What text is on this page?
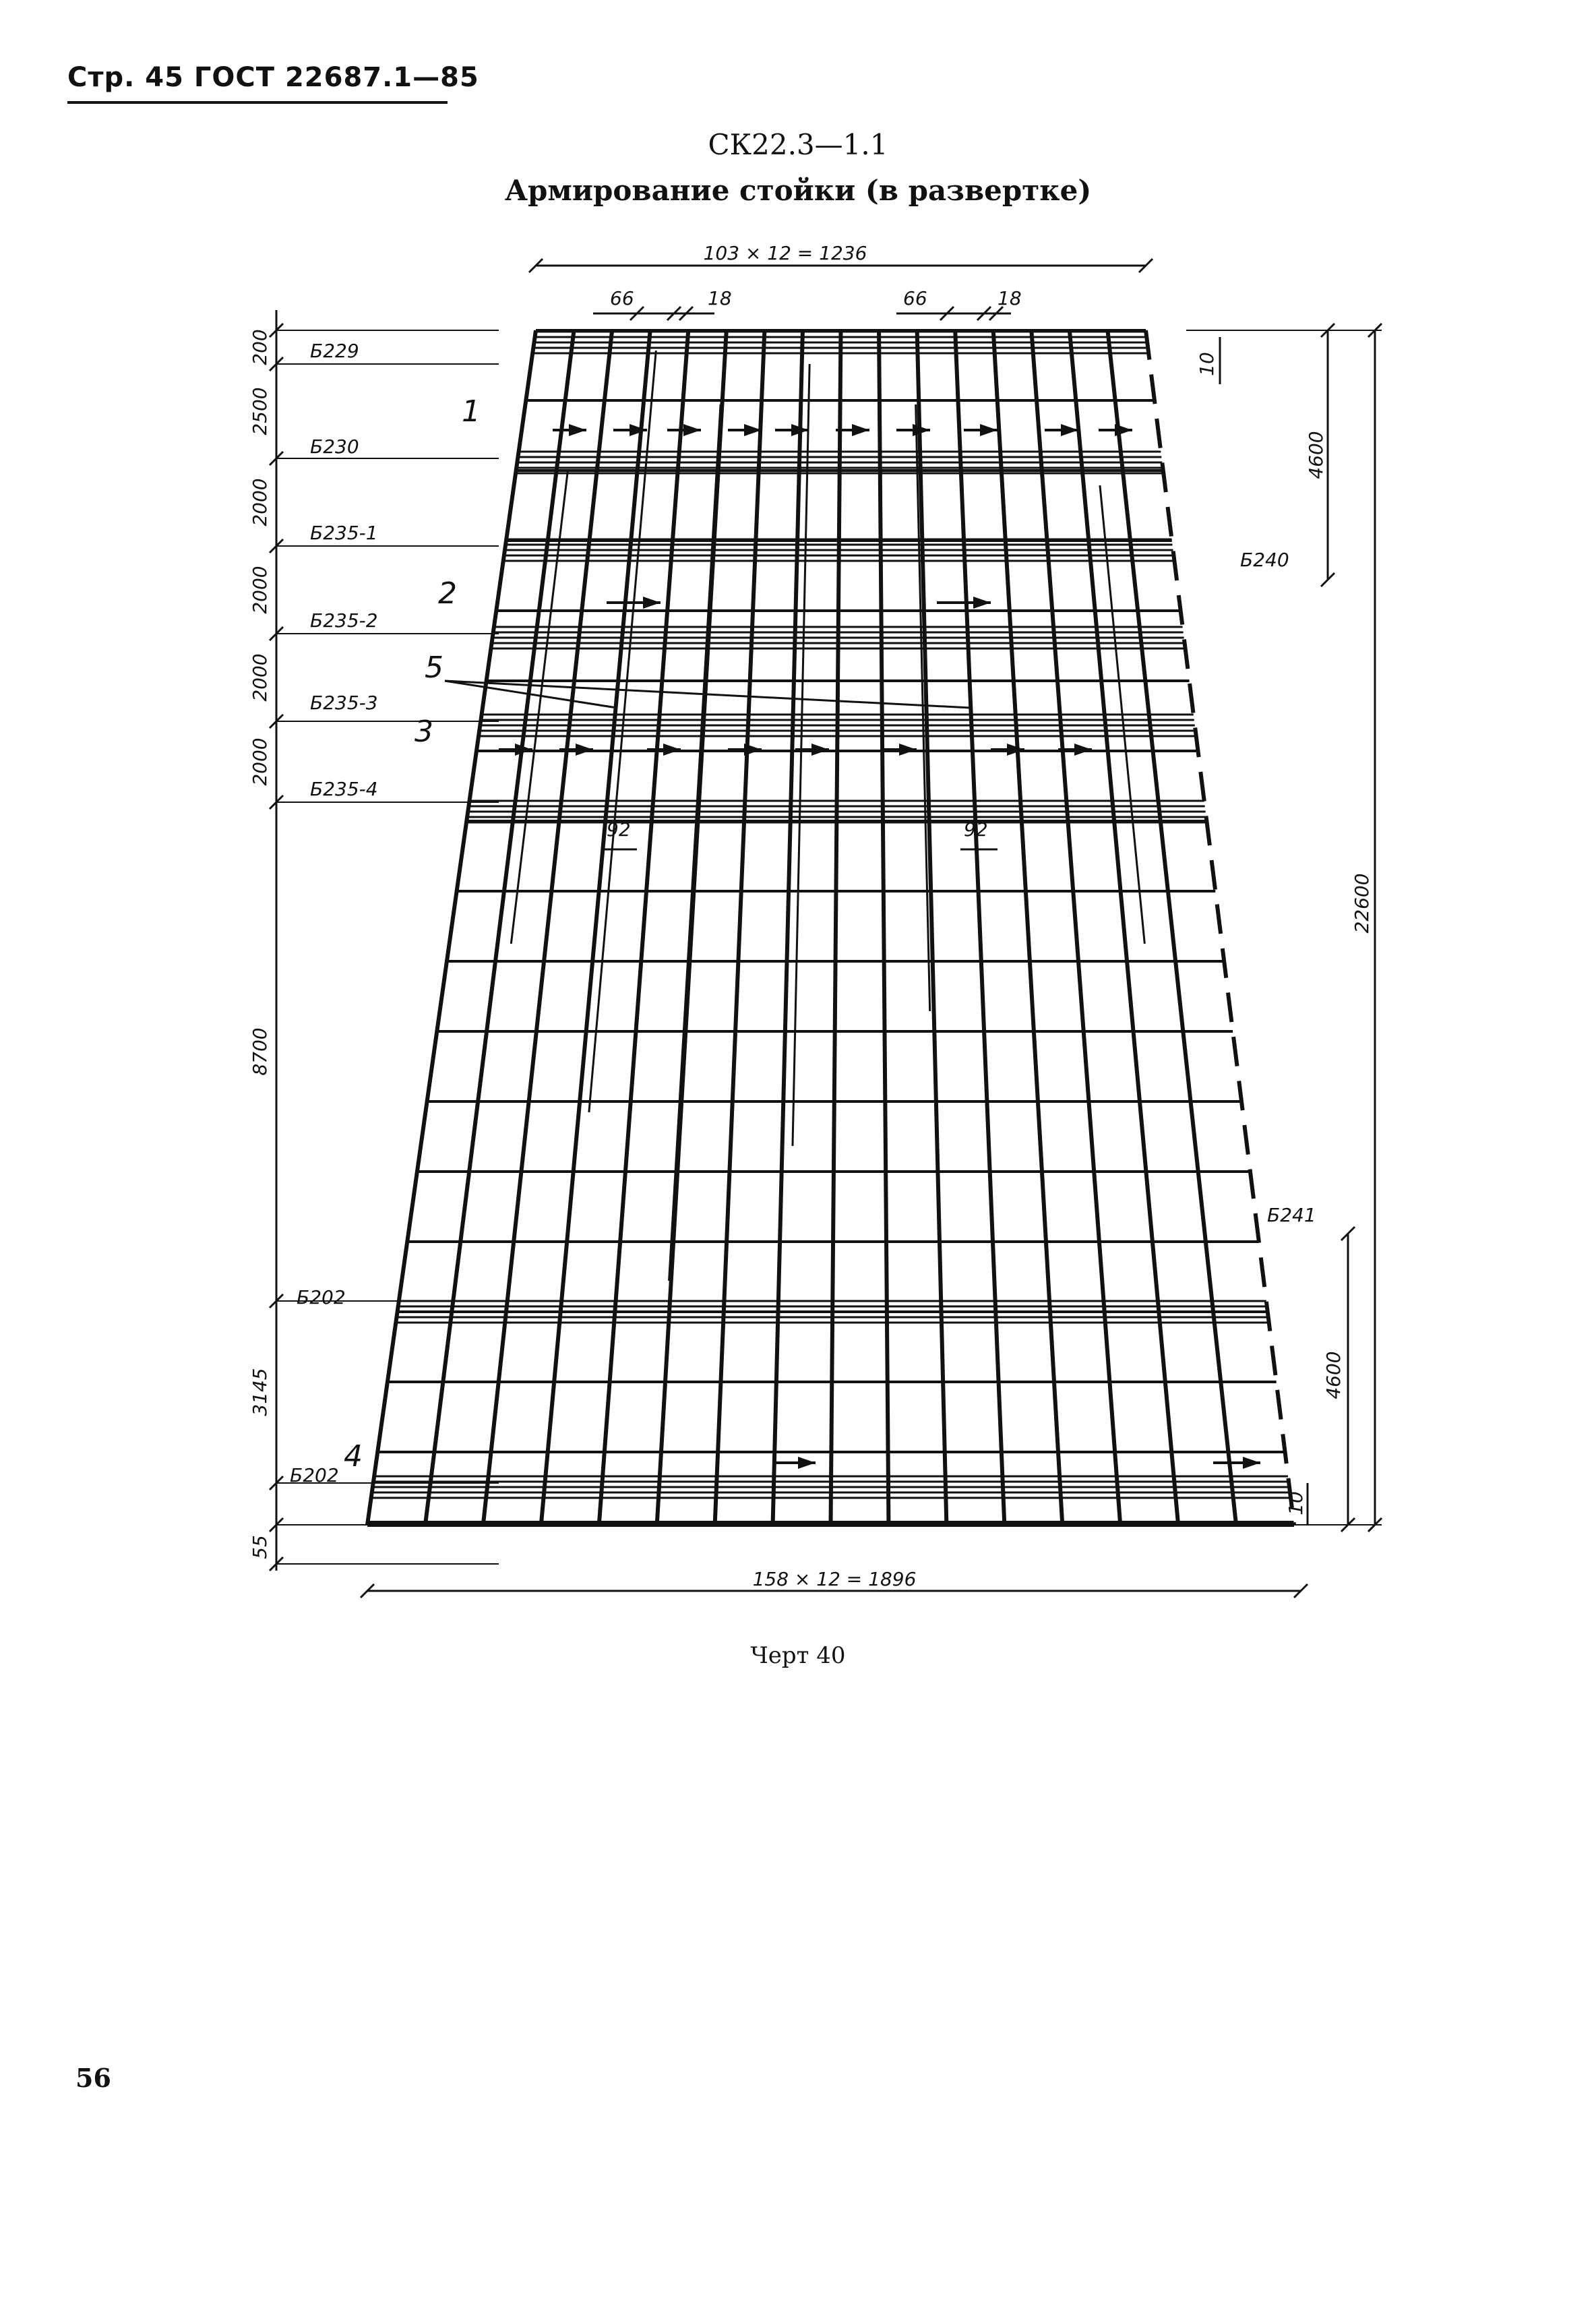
Стр. 45 ГОСТ 22687.1—85
СК22.3—1.1
Армирование стойки (в развертке)
103 × 12 = 1236
158 × 12 = 1896
66	18	66	18
92	92
200
2500
2000
2000
2000
2000
8700
3145
55
4600
22600
4600
10
10
Б229
Б230
Б235-1
Б235-2
Б235-3
Б235-4
Б202
Б202
Б240
Б241
1
2
3
4
5
Черт 40
56
